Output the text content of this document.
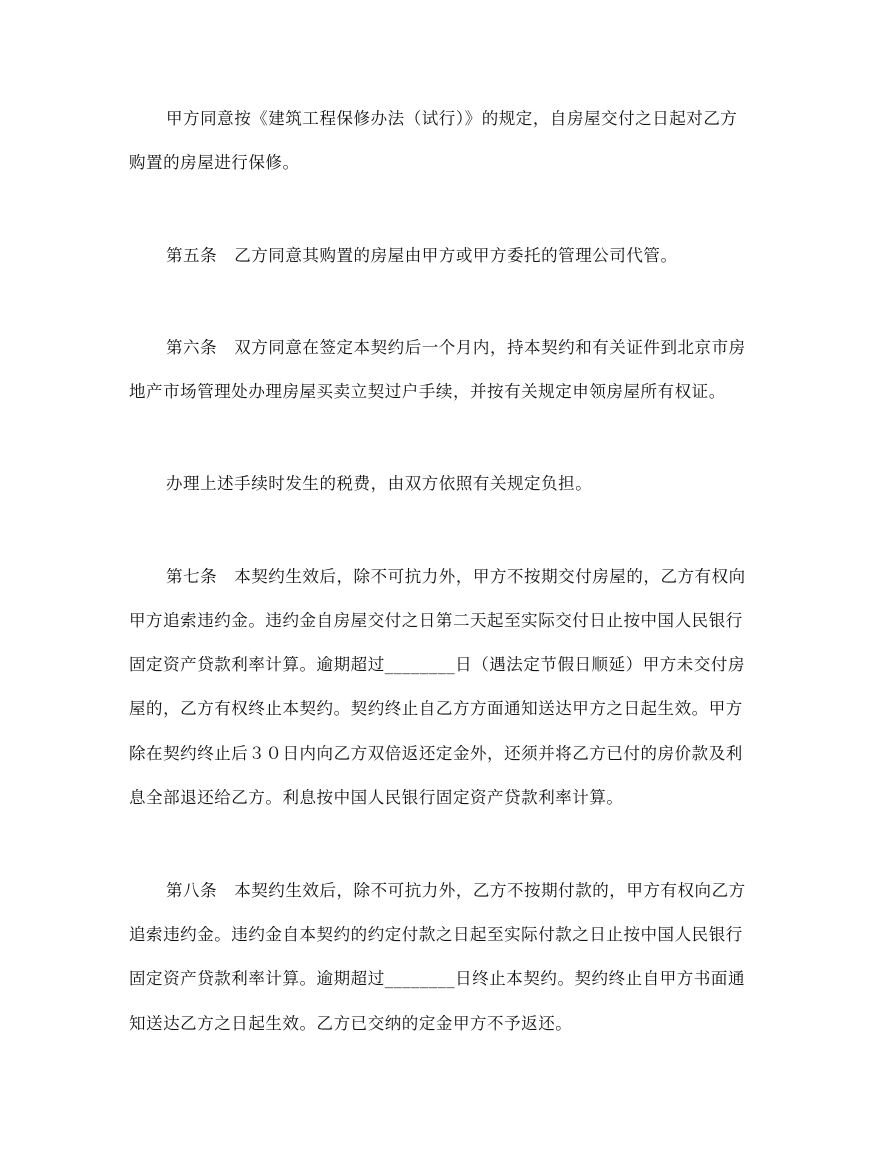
甲方同意按《建筑工程保修办法（试行）》的规定，自房屋交付之日起对乙方
购置的房屋进行保修。
第五条　乙方同意其购置的房屋由甲方或甲方委托的管理公司代管。
第六条　双方同意在签定本契约后一个月内，持本契约和有关证件到北京市房
地产市场管理处办理房屋买卖立契过户手续，并按有关规定申领房屋所有权证。
办理上述手续时发生的税费，由双方依照有关规定负担。
第七条　本契约生效后，除不可抗力外，甲方不按期交付房屋的，乙方有权向
甲方追索违约金。违约金自房屋交付之日第二天起至实际交付日止按中国人民银行
固定资产贷款利率计算。逾期超过________日（遇法定节假日顺延）甲方未交付房
屋的，乙方有权终止本契约。契约终止自乙方方面通知送达甲方之日起生效。甲方
除在契约终止后３０日内向乙方双倍返还定金外，还须并将乙方已付的房价款及利
息全部退还给乙方。利息按中国人民银行固定资产贷款利率计算。
第八条　本契约生效后，除不可抗力外，乙方不按期付款的，甲方有权向乙方
追索违约金。违约金自本契约的约定付款之日起至实际付款之日止按中国人民银行
固定资产贷款利率计算。逾期超过________日终止本契约。契约终止自甲方书面通
知送达乙方之日起生效。乙方已交纳的定金甲方不予返还。
